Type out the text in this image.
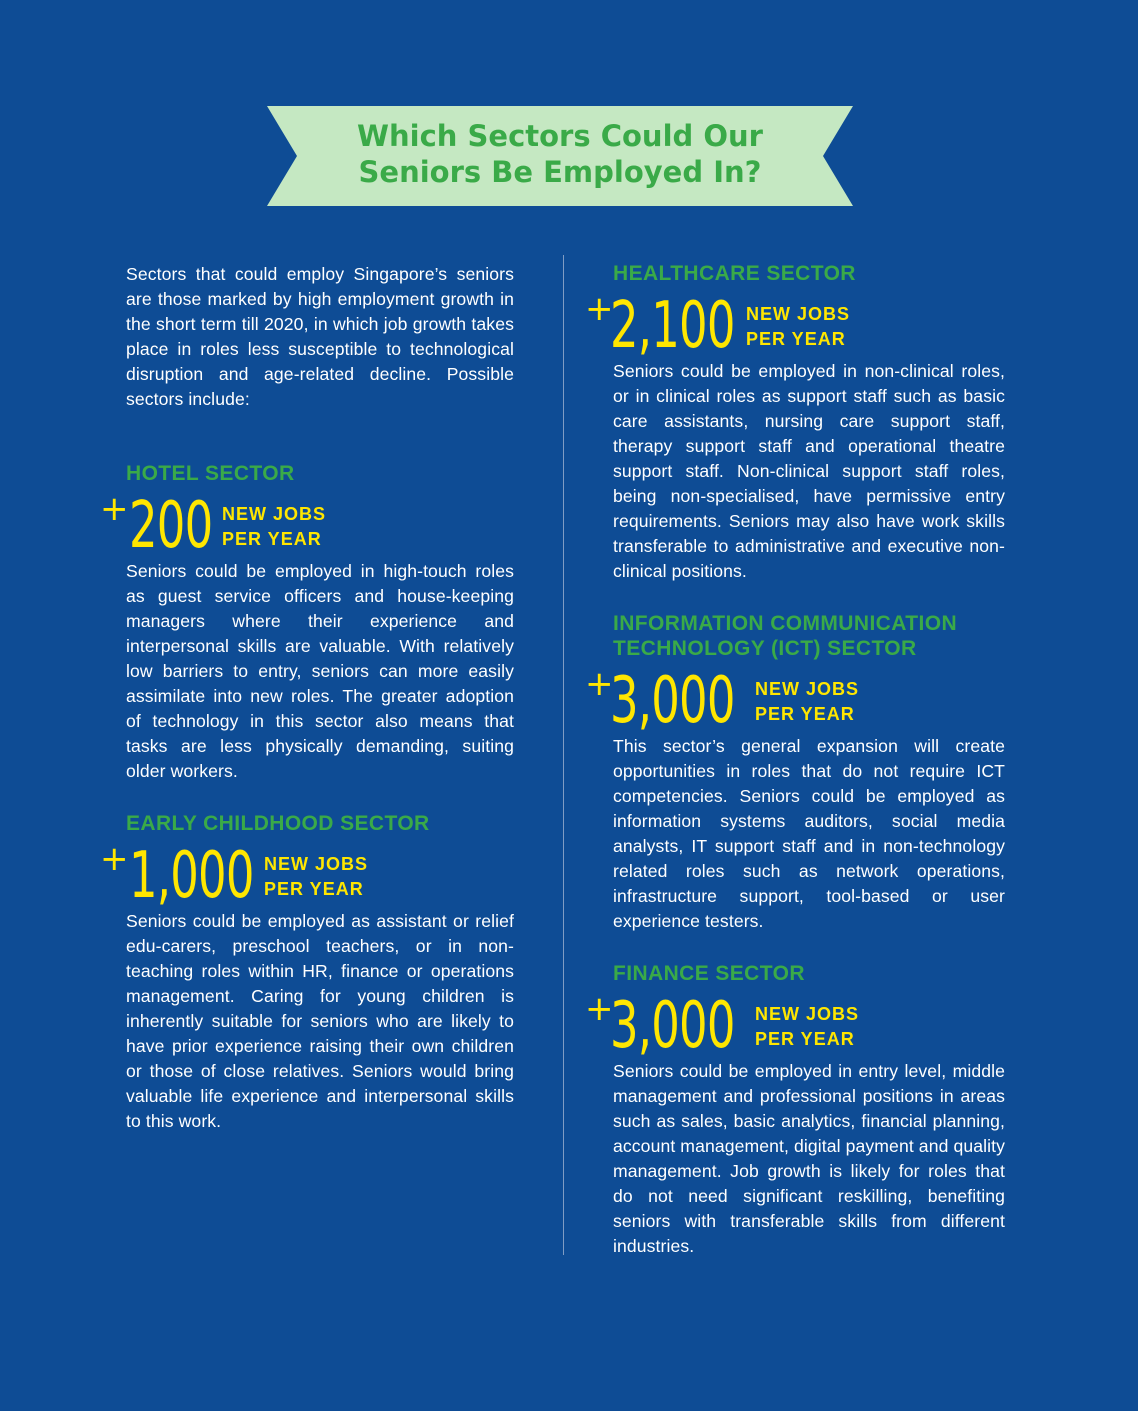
Which Sectors Could Our
Seniors Be Employed In?

Sectors that could employ Singapore’s seniors are those marked by high employment growth in the short term till 2020, in which job growth takes place in roles less susceptible to technological disruption and age-related decline. Possible sectors include:

HOTEL SECTOR

+ 200 NEW JOBS
PER YEAR

Seniors could be employed in high-touch roles as guest service officers and house-keeping managers where their experience and interpersonal skills are valuable. With relatively low barriers to entry, seniors can more easily assimilate into new roles. The greater adoption of technology in this sector also means that tasks are less physically demanding, suiting older workers.

EARLY CHILDHOOD SECTOR

+ 1,000 NEW JOBS
PER YEAR

Seniors could be employed as assistant or relief edu-carers, preschool teachers, or in non-teaching roles within HR, finance or operations management. Caring for young children is inherently suitable for seniors who are likely to have prior experience raising their own children or those of close relatives. Seniors would bring valuable life experience and interpersonal skills to this work.

HEALTHCARE SECTOR

+
2,100 NEW JOBS
PER YEAR

Seniors could be employed in non-clinical roles, or in clinical roles as support staff such as basic care assistants, nursing care support staff, therapy support staff and operational theatre support staff. Non-clinical support staff roles, being non-specialised, have permissive entry requirements. Seniors may also have work skills transferable to administrative and executive non-clinical positions.

INFORMATION COMMUNICATION

TECHNOLOGY (ICT) SECTOR

+
3,000 NEW JOBS
PER YEAR

This sector’s general expansion will create opportunities in roles that do not require ICT competencies. Seniors could be employed as information systems auditors, social media analysts, IT support staff and in non-technology related roles such as network operations, infrastructure support, tool-based or user experience testers.

FINANCE SECTOR

+
3,000 NEW JOBS
PER YEAR

Seniors could be employed in entry level, middle management and professional positions in areas such as sales, basic analytics, financial planning, account management, digital payment and quality management. Job growth is likely for roles that do not need significant reskilling, benefiting seniors with transferable skills from different industries.
